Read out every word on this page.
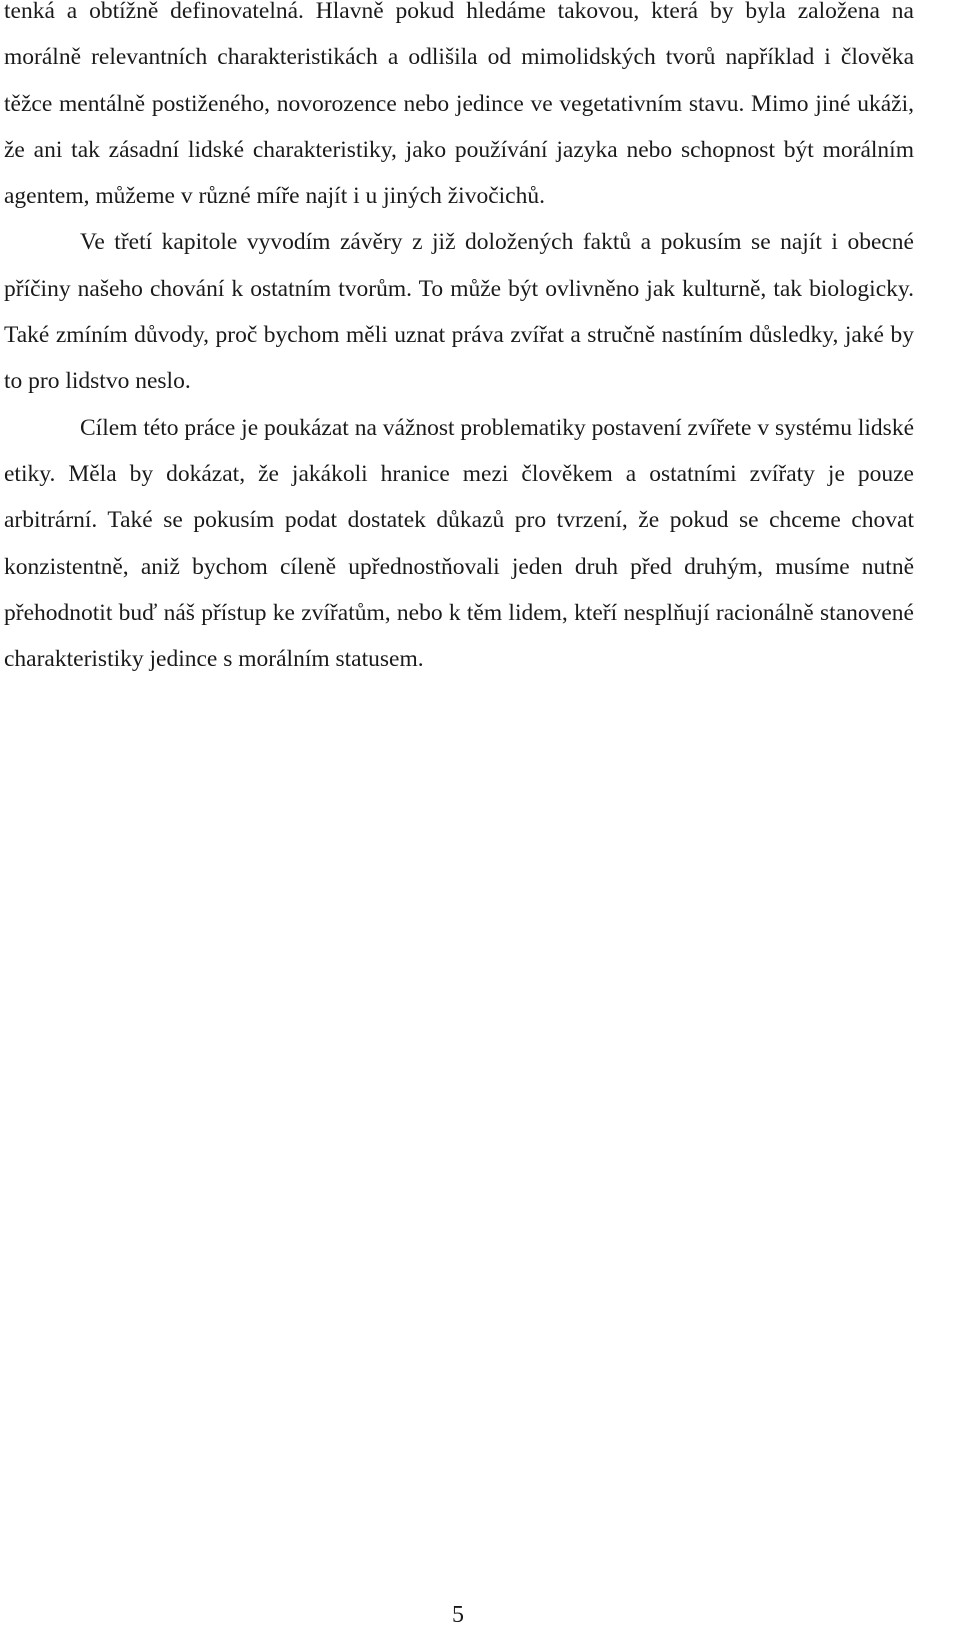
tenká a obtížně definovatelná. Hlavně pokud hledáme takovou, která by byla založena na morálně relevantních charakteristikách a odlišila od mimolidských tvorů například i člověka těžce mentálně postiženého, novorozence nebo jedince ve vegetativním stavu. Mimo jiné ukáži, že ani tak zásadní lidské charakteristiky, jako používání jazyka nebo schopnost být morálním agentem, můžeme v různé míře najít i u jiných živočichů.

Ve třetí kapitole vyvodím závěry z již doložených faktů a pokusím se najít i obecné příčiny našeho chování k ostatním tvorům. To může být ovlivněno jak kulturně, tak biologicky. Také zmíním důvody, proč bychom měli uznat práva zvířat a stručně nastíním důsledky, jaké by to pro lidstvo neslo.

Cílem této práce je poukázat na vážnost problematiky postavení zvířete v systému lidské etiky. Měla by dokázat, že jakákoli hranice mezi člověkem a ostatními zvířaty je pouze arbitrární. Také se pokusím podat dostatek důkazů pro tvrzení, že pokud se chceme chovat konzistentně, aniž bychom cíleně upřednostňovali jeden druh před druhým, musíme nutně přehodnotit buď náš přístup ke zvířatům, nebo k těm lidem, kteří nesplňují racionálně stanovené charakteristiky jedince s morálním statusem.

5
